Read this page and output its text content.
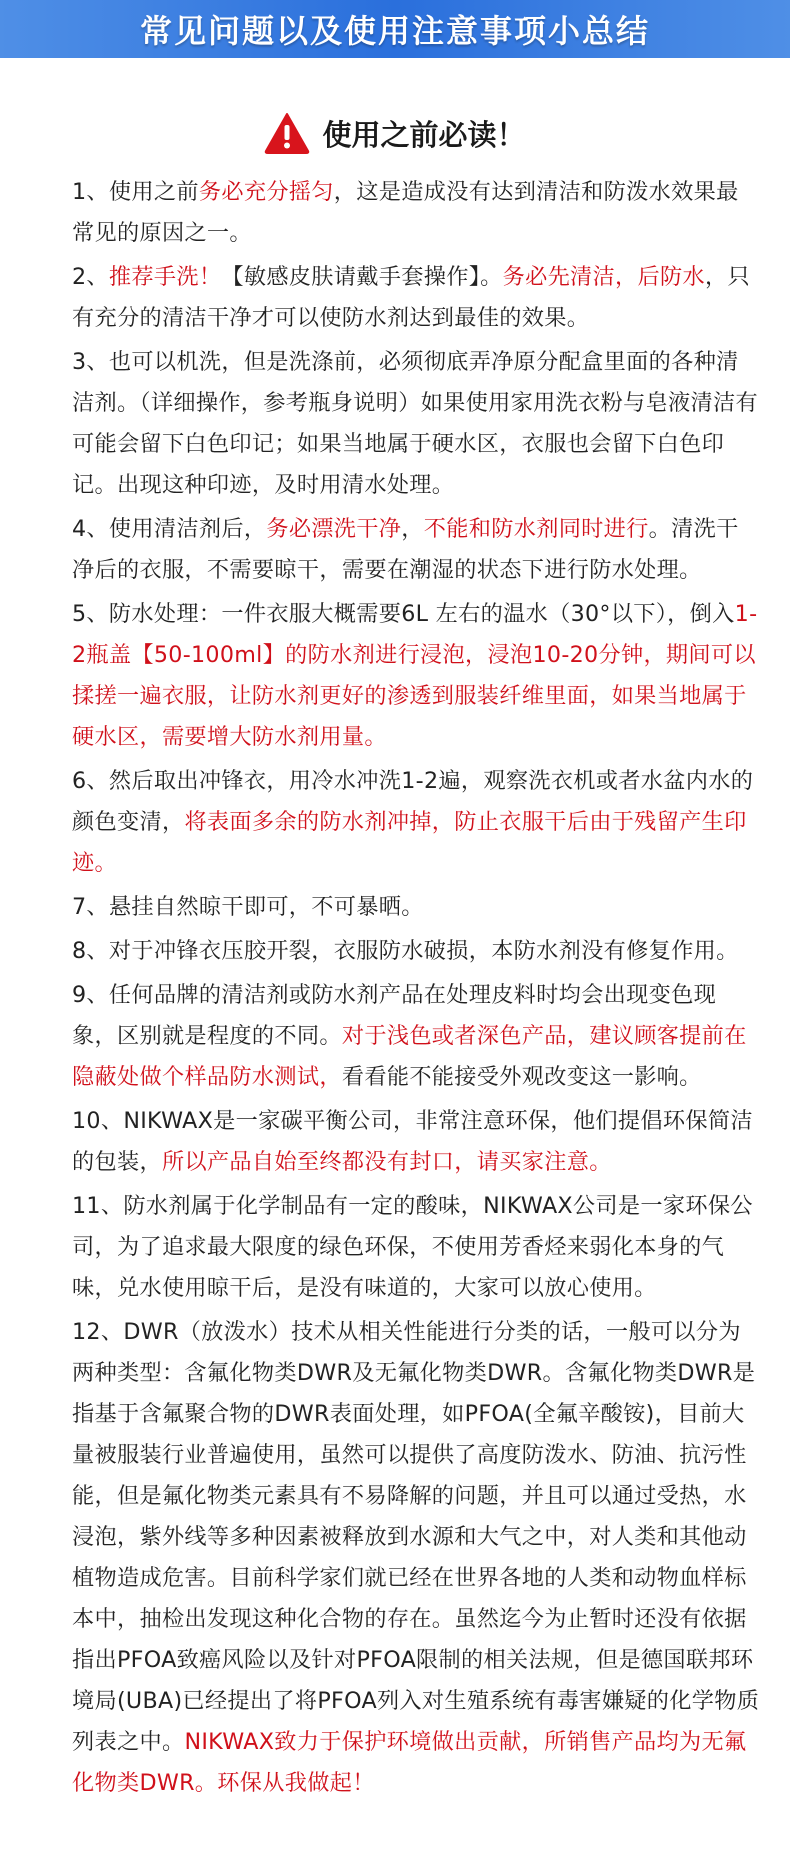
常见问题以及使用注意事项小总结
使用之前必读！

1、使用之前务必充分摇匀，这是造成没有达到清洁和防泼水效果最常见的原因之一。

2、推荐手洗！【敏感皮肤请戴手套操作】。务必先清洁，后防水，只有充分的清洁干净才可以使防水剂达到最佳的效果。

3、也可以机洗，但是洗涤前，必须彻底弄净原分配盒里面的各种清洁剂。（详细操作，参考瓶身说明）如果使用家用洗衣粉与皂液清洁有可能会留下白色印记；如果当地属于硬水区，衣服也会留下白色印记。出现这种印迹，及时用清水处理。

4、使用清洁剂后，务必漂洗干净，不能和防水剂同时进行。清洗干净后的衣服，不需要晾干，需要在潮湿的状态下进行防水处理。

5、防水处理：一件衣服大概需要6L 左右的温水（30°以下），倒入1-2瓶盖【50-100ml】的防水剂进行浸泡，浸泡10-20分钟，期间可以揉搓一遍衣服，让防水剂更好的渗透到服装纤维里面，如果当地属于硬水区，需要增大防水剂用量。

6、然后取出冲锋衣，用冷水冲洗1-2遍，观察洗衣机或者水盆内水的颜色变清，将表面多余的防水剂冲掉，防止衣服干后由于残留产生印迹。

7、悬挂自然晾干即可，不可暴晒。

8、对于冲锋衣压胶开裂，衣服防水破损，本防水剂没有修复作用。

9、任何品牌的清洁剂或防水剂产品在处理皮料时均会出现变色现象，区别就是程度的不同。对于浅色或者深色产品，建议顾客提前在隐蔽处做个样品防水测试，看看能不能接受外观改变这一影响。

10、NIKWAX是一家碳平衡公司，非常注意环保，他们提倡环保简洁的包装，所以产品自始至终都没有封口，请买家注意。

11、防水剂属于化学制品有一定的酸味，NIKWAX公司是一家环保公司，为了追求最大限度的绿色环保，不使用芳香烃来弱化本身的气味，兑水使用晾干后，是没有味道的，大家可以放心使用。

12、DWR（放泼水）技术从相关性能进行分类的话，一般可以分为两种类型：含氟化物类DWR及无氟化物类DWR。含氟化物类DWR是指基于含氟聚合物的DWR表面处理，如PFOA(全氟辛酸铵)，目前大量被服装行业普遍使用，虽然可以提供了高度防泼水、防油、抗污性能，但是氟化物类元素具有不易降解的问题，并且可以通过受热，水浸泡，紫外线等多种因素被释放到水源和大气之中，对人类和其他动植物造成危害。目前科学家们就已经在世界各地的人类和动物血样标本中，抽检出发现这种化合物的存在。虽然迄今为止暂时还没有依据指出PFOA致癌风险以及针对PFOA限制的相关法规，但是德国联邦环境局(UBA)已经提出了将PFOA列入对生殖系统有毒害嫌疑的化学物质列表之中。NIKWAX致力于保护环境做出贡献，所销售产品均为无氟化物类DWR。环保从我做起！
